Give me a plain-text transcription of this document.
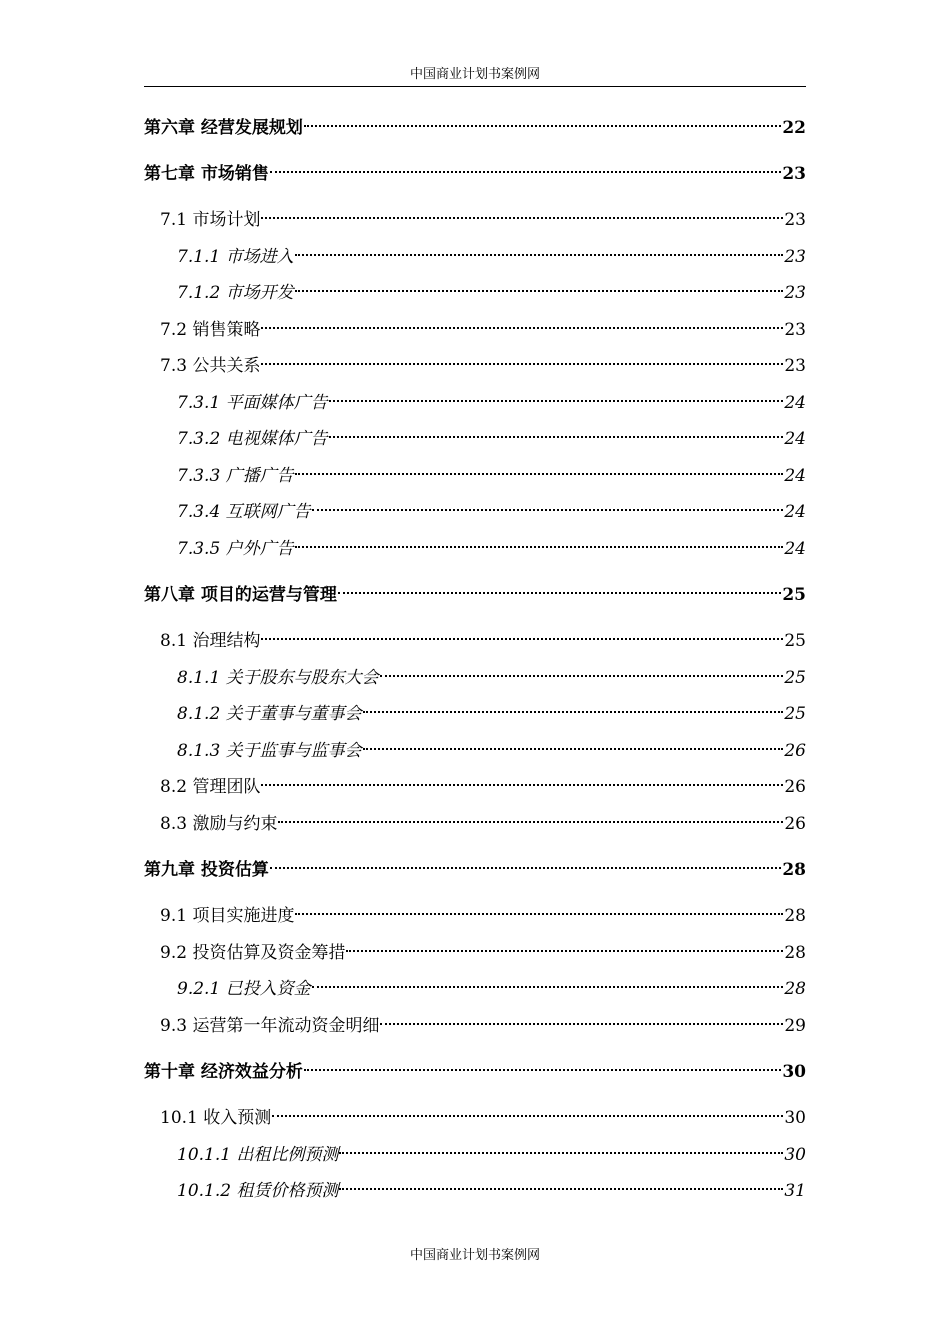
中国商业计划书案例网
第六章 经营发展规划	22
第七章 市场销售	23
7.1 市场计划	23
7.1.1 市场进入	23
7.1.2 市场开发	23
7.2 销售策略	23
7.3 公共关系	23
7.3.1 平面媒体广告	24
7.3.2 电视媒体广告	24
7.3.3 广播广告	24
7.3.4 互联网广告	24
7.3.5 户外广告	24
第八章 项目的运营与管理	25
8.1 治理结构	25
8.1.1 关于股东与股东大会	25
8.1.2 关于董事与董事会	25
8.1.3 关于监事与监事会	26
8.2 管理团队	26
8.3 激励与约束	26
第九章 投资估算	28
9.1 项目实施进度	28
9.2 投资估算及资金筹措	28
9.2.1 已投入资金	28
9.3 运营第一年流动资金明细	29
第十章 经济效益分析	30
10.1 收入预测	30
10.1.1 出租比例预测	30
10.1.2 租赁价格预测	31
中国商业计划书案例网
